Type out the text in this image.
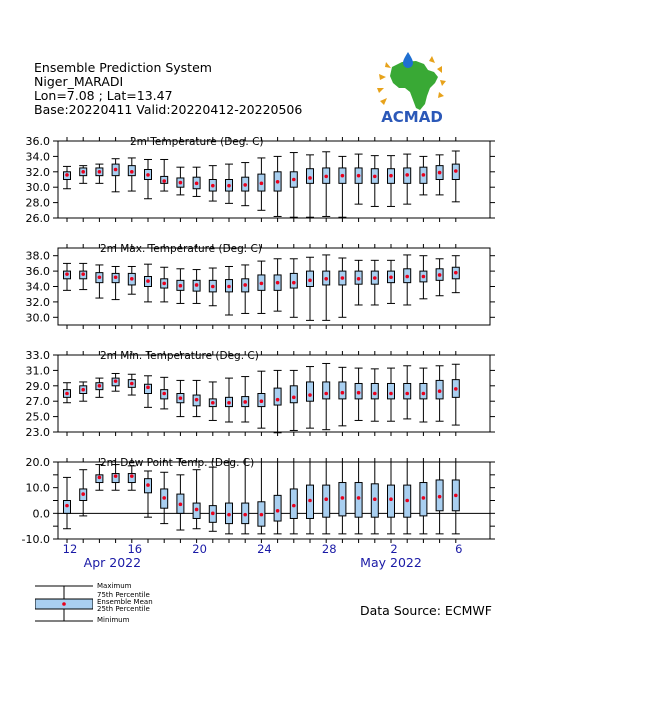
Ensemble Prediction System
Niger_MARADI
Lon=7.08 ; Lat=13.47
Base:20220411 Valid:20220412-20220506	ACMAD
26.0
28.0
30.0
32.0
34.0
36.0	2m Temperature (Deg. C)
30.0
32.0
34.0
36.0
38.0
2m Max. Temperature (Deg. C)
23.0
25.0
27.0
29.0
31.0
33.0	2m Min. Temperature (Deg. C)
-10.0
0.0
10.0
20.0	2m Dew Point Temp. (Deg. C)
12	16	20	24	28	2	6
Apr 2022	May 2022
Maximum
75th Percentile
Ensemble Mean
25th Percentile
Minimum
Data Source: ECMWF
